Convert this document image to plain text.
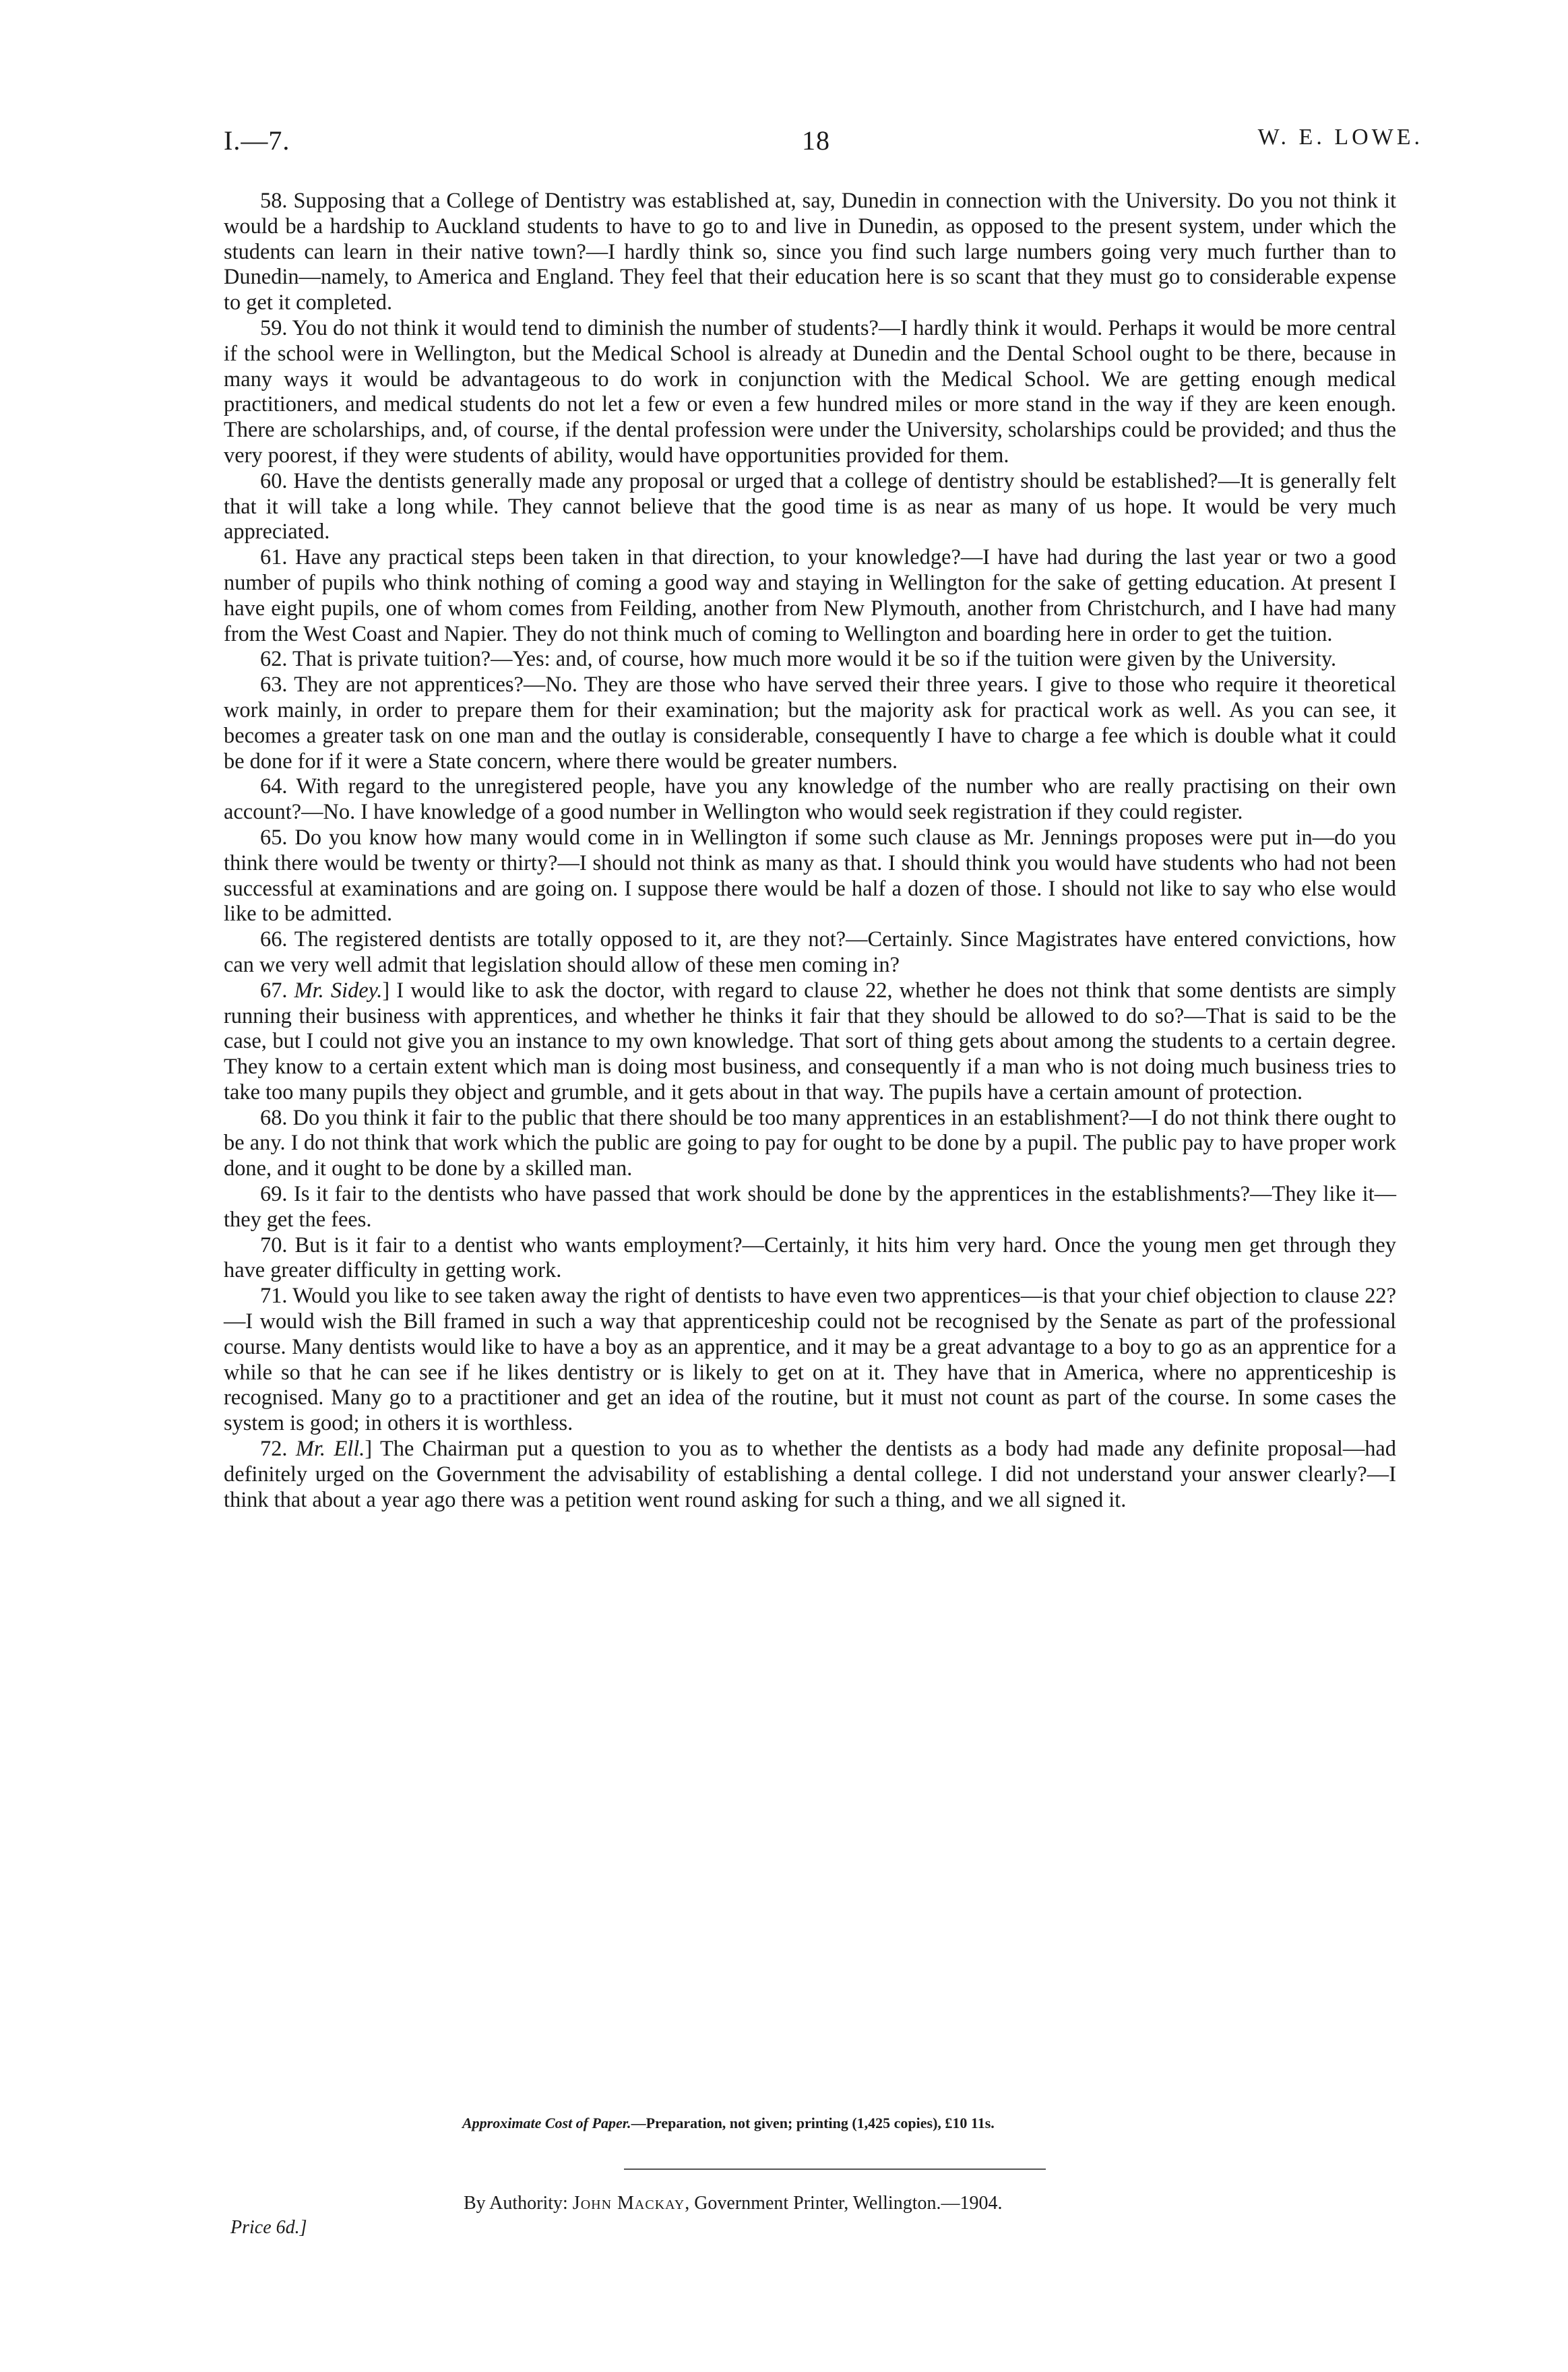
I.—7.	18	W. E. LOWE.

58. Supposing that a College of Dentistry was established at, say, Dunedin in connection with the University. Do you not think it would be a hardship to Auckland students to have to go to and live in Dunedin, as opposed to the present system, under which the students can learn in their native town?—I hardly think so, since you find such large numbers going very much further than to Dunedin—namely, to America and England. They feel that their education here is so scant that they must go to considerable expense to get it completed.

59. You do not think it would tend to diminish the number of students?—I hardly think it would. Perhaps it would be more central if the school were in Wellington, but the Medical School is already at Dunedin and the Dental School ought to be there, because in many ways it would be advantageous to do work in conjunction with the Medical School. We are getting enough medical practitioners, and medical students do not let a few or even a few hundred miles or more stand in the way if they are keen enough. There are scholarships, and, of course, if the dental profession were under the University, scholarships could be provided; and thus the very poorest, if they were students of ability, would have opportunities provided for them.

60. Have the dentists generally made any proposal or urged that a college of dentistry should be established?—It is generally felt that it will take a long while. They cannot believe that the good time is as near as many of us hope. It would be very much appreciated.

61. Have any practical steps been taken in that direction, to your knowledge?—I have had during the last year or two a good number of pupils who think nothing of coming a good way and staying in Wellington for the sake of getting education. At present I have eight pupils, one of whom comes from Feilding, another from New Plymouth, another from Christchurch, and I have had many from the West Coast and Napier. They do not think much of coming to Wellington and boarding here in order to get the tuition.

62. That is private tuition?—Yes: and, of course, how much more would it be so if the tuition were given by the University.

63. They are not apprentices?—No. They are those who have served their three years. I give to those who require it theoretical work mainly, in order to prepare them for their examination; but the majority ask for practical work as well. As you can see, it becomes a greater task on one man and the outlay is considerable, consequently I have to charge a fee which is double what it could be done for if it were a State concern, where there would be greater numbers.

64. With regard to the unregistered people, have you any knowledge of the number who are really practising on their own account?—No. I have knowledge of a good number in Wellington who would seek registration if they could register.

65. Do you know how many would come in in Wellington if some such clause as Mr. Jennings proposes were put in—do you think there would be twenty or thirty?—I should not think as many as that. I should think you would have students who had not been successful at examinations and are going on. I suppose there would be half a dozen of those. I should not like to say who else would like to be admitted.

66. The registered dentists are totally opposed to it, are they not?—Certainly. Since Magistrates have entered convictions, how can we very well admit that legislation should allow of these men coming in?

67. Mr. Sidey.] I would like to ask the doctor, with regard to clause 22, whether he does not think that some dentists are simply running their business with apprentices, and whether he thinks it fair that they should be allowed to do so?—That is said to be the case, but I could not give you an instance to my own knowledge. That sort of thing gets about among the students to a certain degree. They know to a certain extent which man is doing most business, and consequently if a man who is not doing much business tries to take too many pupils they object and grumble, and it gets about in that way. The pupils have a certain amount of protection.

68. Do you think it fair to the public that there should be too many apprentices in an establishment?—I do not think there ought to be any. I do not think that work which the public are going to pay for ought to be done by a pupil. The public pay to have proper work done, and it ought to be done by a skilled man.

69. Is it fair to the dentists who have passed that work should be done by the apprentices in the establishments?—They like it—they get the fees.

70. But is it fair to a dentist who wants employment?—Certainly, it hits him very hard. Once the young men get through they have greater difficulty in getting work.

71. Would you like to see taken away the right of dentists to have even two apprentices—is that your chief objection to clause 22?—I would wish the Bill framed in such a way that apprenticeship could not be recognised by the Senate as part of the professional course. Many dentists would like to have a boy as an apprentice, and it may be a great advantage to a boy to go as an apprentice for a while so that he can see if he likes dentistry or is likely to get on at it. They have that in America, where no apprenticeship is recognised. Many go to a practitioner and get an idea of the routine, but it must not count as part of the course. In some cases the system is good; in others it is worthless.

72. Mr. Ell.] The Chairman put a question to you as to whether the dentists as a body had made any definite proposal—had definitely urged on the Government the advisability of establishing a dental college. I did not understand your answer clearly?—I think that about a year ago there was a petition went round asking for such a thing, and we all signed it.

Approximate Cost of Paper.—Preparation, not given; printing (1,425 copies), £10 11s.
By Authority: John Mackay, Government Printer, Wellington.—1904.
Price 6d.]
